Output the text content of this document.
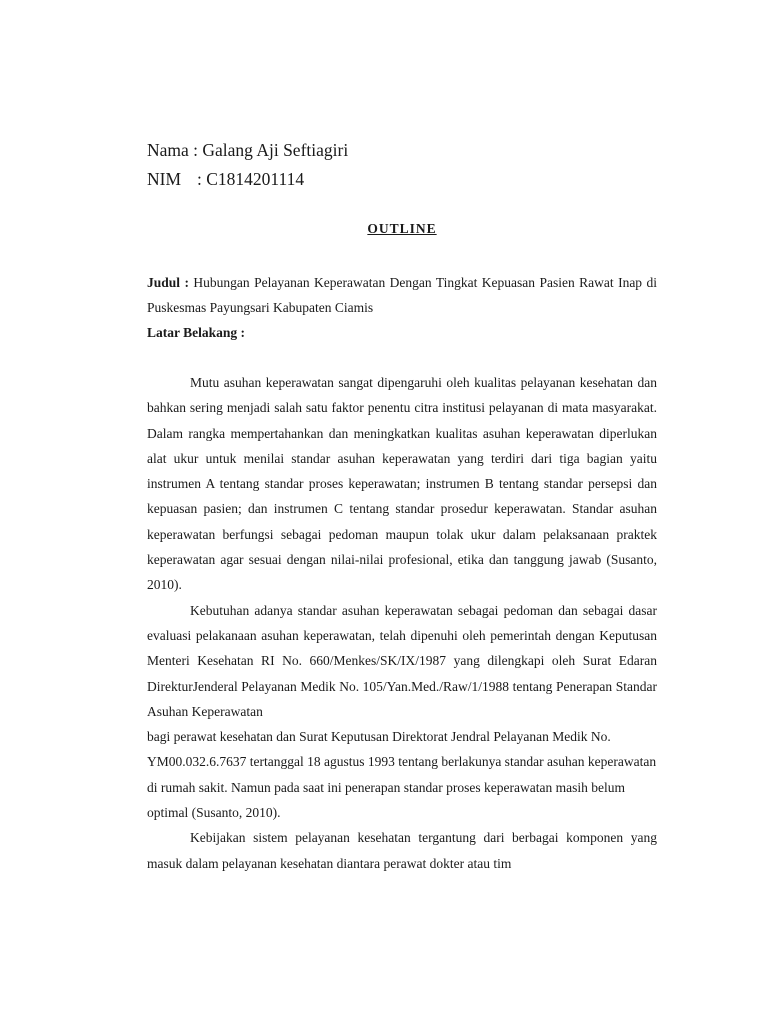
Nama : Galang Aji Seftiagiri

NIM : C1814201114

OUTLINE

Judul : Hubungan Pelayanan Keperawatan Dengan Tingkat Kepuasan Pasien Rawat Inap di Puskesmas Payungsari Kabupaten Ciamis

Latar Belakang :

Mutu asuhan keperawatan sangat dipengaruhi oleh kualitas pelayanan kesehatan dan bahkan sering menjadi salah satu faktor penentu citra institusi pelayanan di mata masyarakat. Dalam rangka mempertahankan dan meningkatkan kualitas asuhan keperawatan diperlukan alat ukur untuk menilai standar asuhan keperawatan yang terdiri dari tiga bagian yaitu instrumen A tentang standar proses keperawatan; instrumen B tentang standar persepsi dan kepuasan pasien; dan instrumen C tentang standar prosedur keperawatan. Standar asuhan keperawatan berfungsi sebagai pedoman maupun tolak ukur dalam pelaksanaan praktek keperawatan agar sesuai dengan nilai-nilai profesional, etika dan tanggung jawab (Susanto, 2010).

Kebutuhan adanya standar asuhan keperawatan sebagai pedoman dan sebagai dasar evaluasi pelakanaan asuhan keperawatan, telah dipenuhi oleh pemerintah dengan Keputusan Menteri Kesehatan RI No. 660/Menkes/SK/IX/1987 yang dilengkapi oleh Surat Edaran DirekturJenderal Pelayanan Medik No. 105/Yan.Med./Raw/1/1988 tentang Penerapan Standar Asuhan Keperawatan

bagi perawat kesehatan dan Surat Keputusan Direktorat Jendral Pelayanan Medik No. YM00.032.6.7637 tertanggal 18 agustus 1993 tentang berlakunya standar asuhan keperawatan di rumah sakit. Namun pada saat ini penerapan standar proses keperawatan masih belum optimal (Susanto, 2010).

Kebijakan sistem pelayanan kesehatan tergantung dari berbagai komponen yang masuk dalam pelayanan kesehatan diantara perawat dokter atau tim
